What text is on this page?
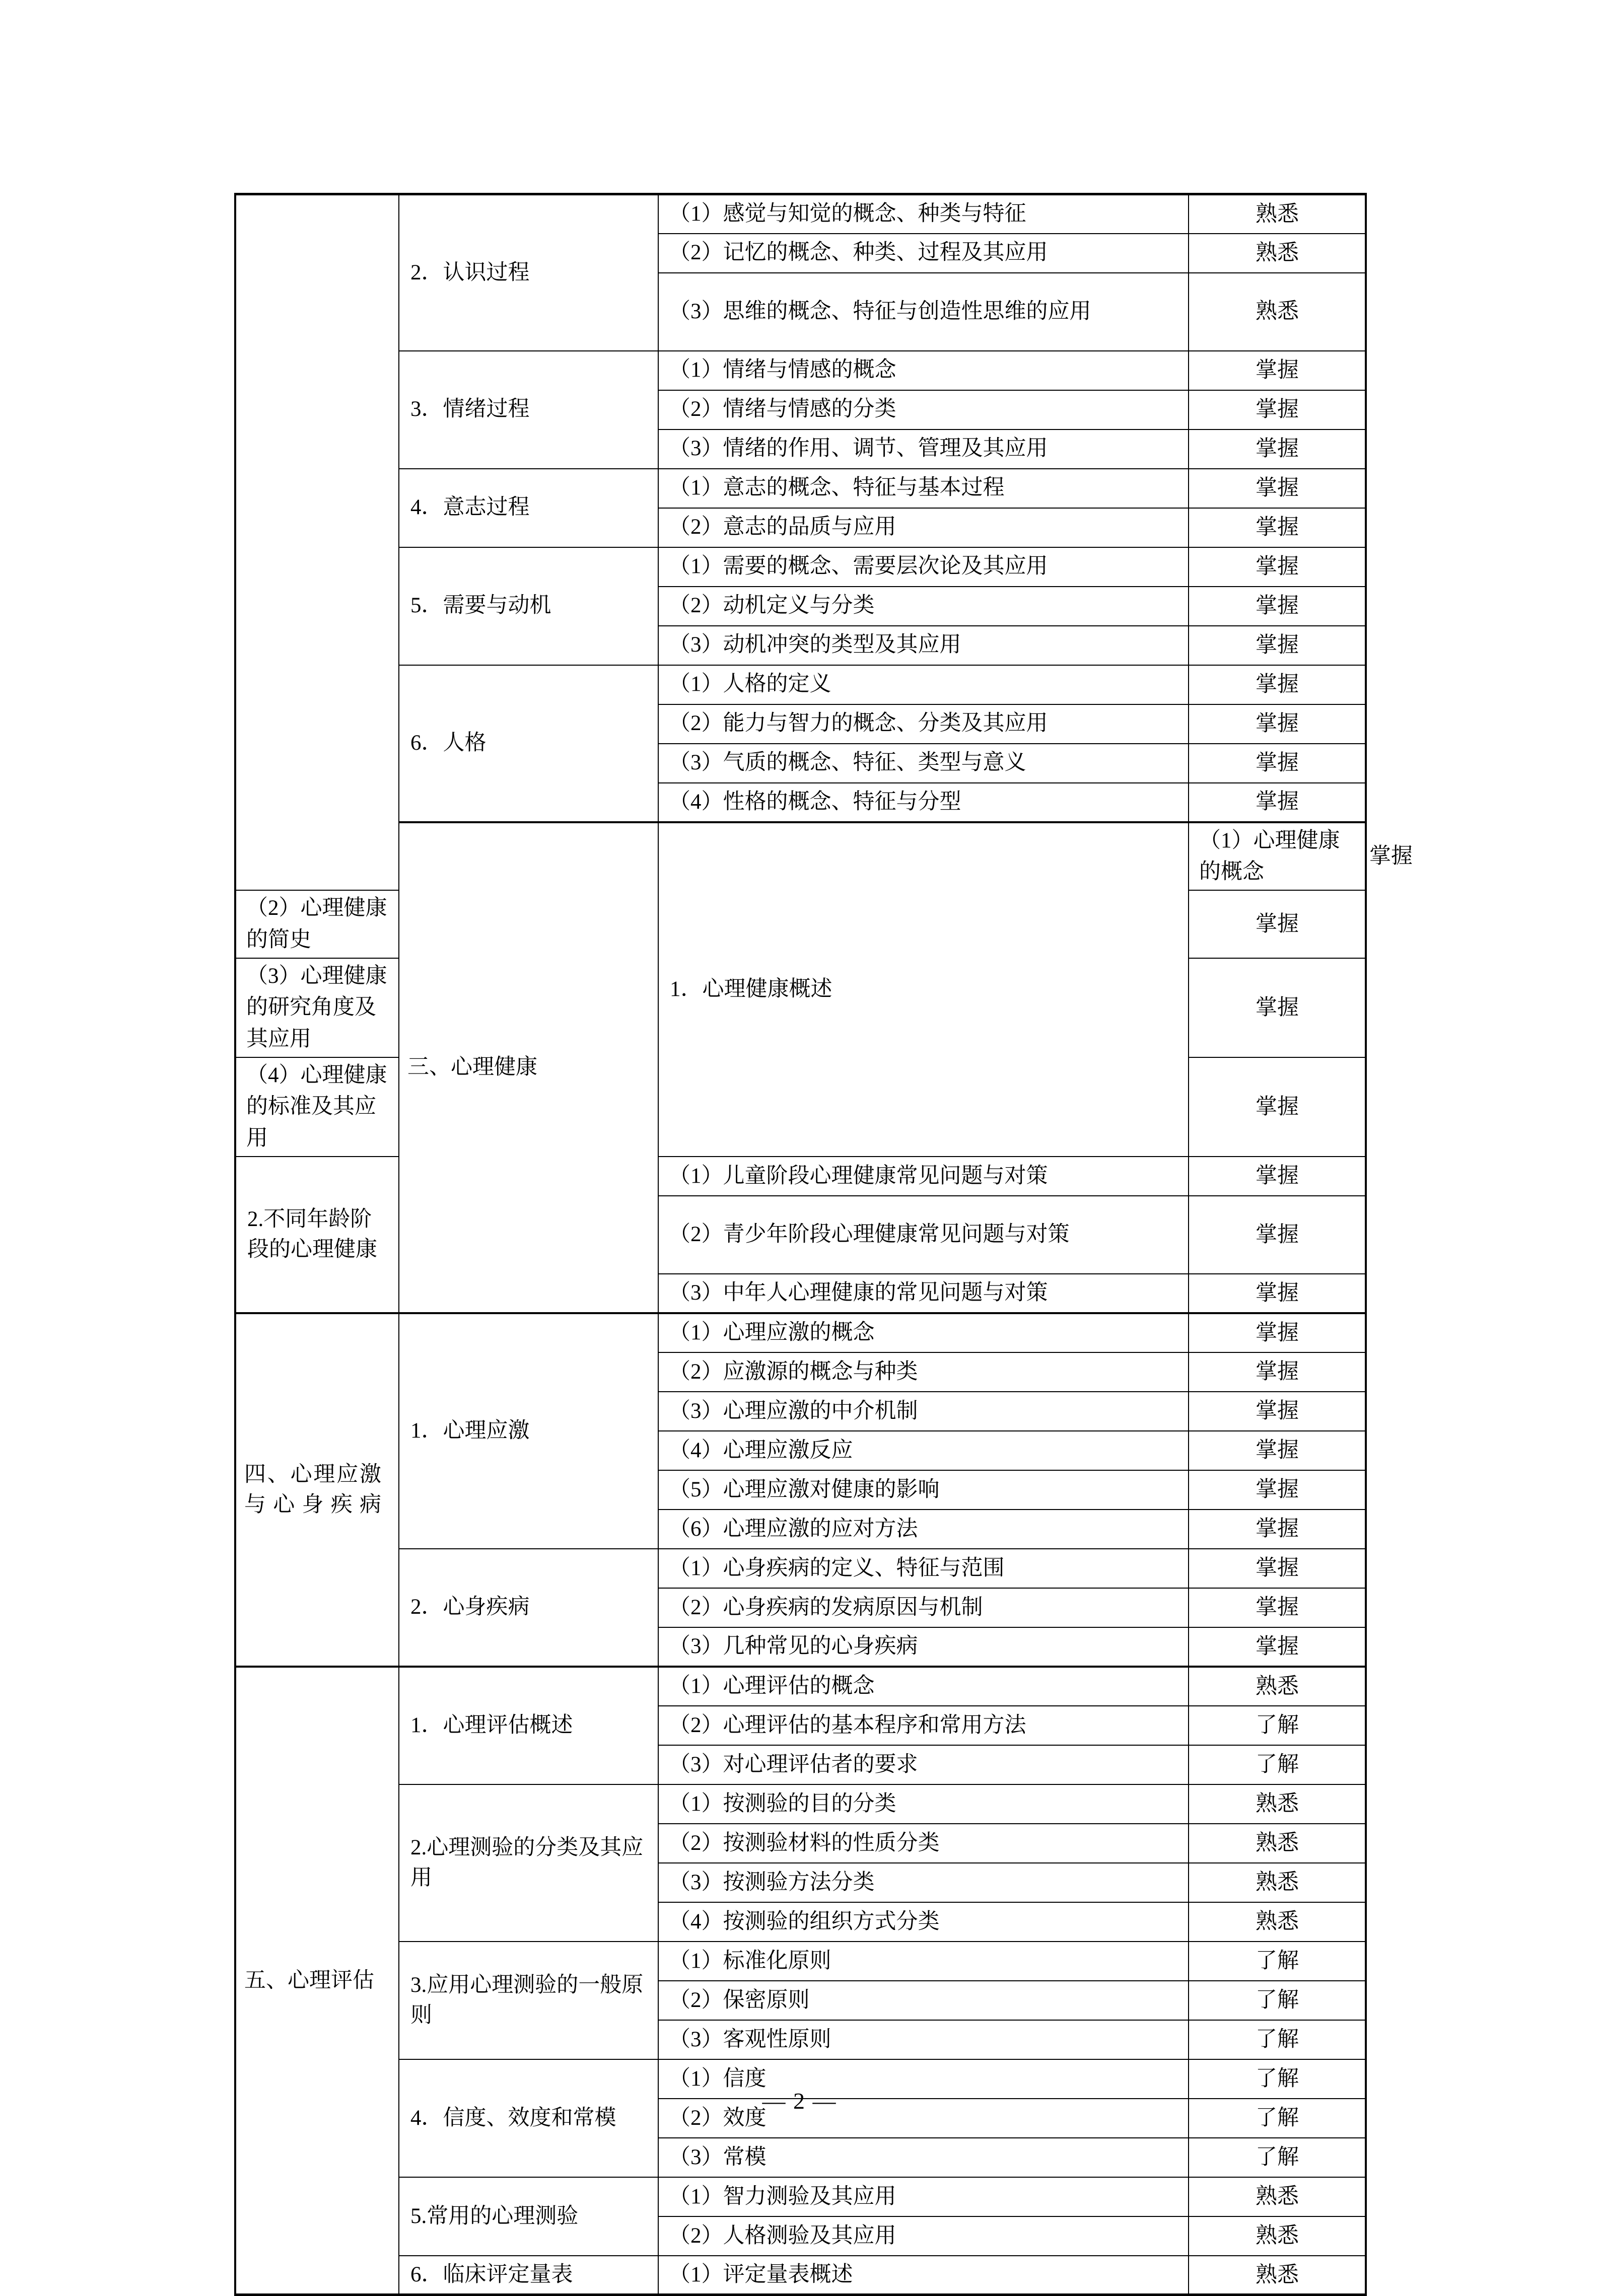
	2．认识过程	（1）感觉与知觉的概念、种类与特征	熟悉	
		（2）记忆的概念、种类、过程及其应用	熟悉	
		（3）思维的概念、特征与创造性思维的应用	熟悉	
	3．情绪过程	（1）情绪与情感的概念	掌握	
		（2）情绪与情感的分类	掌握	
		（3）情绪的作用、调节、管理及其应用	掌握	
	4．意志过程	（1）意志的概念、特征与基本过程	掌握	
		（2）意志的品质与应用	掌握	
	5．需要与动机	（1）需要的概念、需要层次论及其应用	掌握	
		（2）动机定义与分类	掌握	
		（3）动机冲突的类型及其应用	掌握	
	6．人格	（1）人格的定义	掌握	
		（2）能力与智力的概念、分类及其应用	掌握	
		（3）气质的概念、特征、类型与意义	掌握	
		（4）性格的概念、特征与分型	掌握	

	三、心理健康	1．心理健康概述	（1）心理健康的概念	掌握
（2）心理健康的简史			掌握	
（3）心理健康的研究角度及其应用			掌握	
（4）心理健康的标准及其应用			掌握	
2.不同年龄阶段的心理健康		（1）儿童阶段心理健康常见问题与对策	掌握	
		（2）青少年阶段心理健康常见问题与对策	掌握	
		（3）中年人心理健康的常见问题与对策	掌握	

四、心理应激与心身疾病	1．心理应激	（1）心理应激的概念	掌握	
		（2）应激源的概念与种类	掌握	
		（3）心理应激的中介机制	掌握	
		（4）心理应激反应	掌握	
		（5）心理应激对健康的影响	掌握	
		（6）心理应激的应对方法	掌握	
	2．心身疾病	（1）心身疾病的定义、特征与范围	掌握	
		（2）心身疾病的发病原因与机制	掌握	
		（3）几种常见的心身疾病	掌握	

五、心理评估	1．心理评估概述	（1）心理评估的概念	熟悉	
		（2）心理评估的基本程序和常用方法	了解	
		（3）对心理评估者的要求	了解	
	2.心理测验的分类及其应用	（1）按测验的目的分类	熟悉	
		（2）按测验材料的性质分类	熟悉	
		（3）按测验方法分类	熟悉	
		（4）按测验的组织方式分类	熟悉	
	3.应用心理测验的一般原则	（1）标准化原则	了解	
		（2）保密原则	了解	
		（3）客观性原则	了解	
	4．信度、效度和常模	（1）信度	了解	
		（2）效度	了解	
		（3）常模	了解	
	5.常用的心理测验	（1）智力测验及其应用	熟悉	
		（2）人格测验及其应用	熟悉	
	6．临床评定量表	（1）评定量表概述	熟悉	
— 2 —
